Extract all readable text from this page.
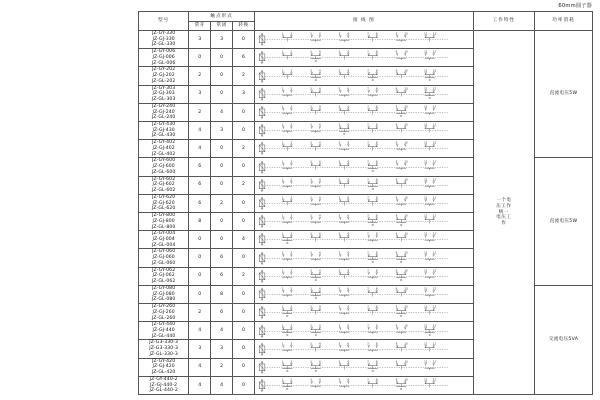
60mm圆子器
型号	触点形式			接 线 图	工作特性	功率消耗
	常开	常闭	转换			

JZ-GY-330
JZ-GJ-330
JZ-GL-330
	3	3	0	
1	2	3	4	5	6	7	8	9	10	11 12

一个电
压工作
统一
电压工
作
	直流电压5W

JZ-GY-006
JZ-GJ-006
JZ-GL-006
	0	0	6	
1	2	3	4	5	6	7	8	9	10	11 12

JZ-GY-202
JZ-GJ-202
JZ-GL-202
	2	0	2	
1	2	3	4	5	6	7	8	9	10	11 12

JZ-GY-303
JZ-GJ-303
JZ-GL-303
	3	0	3	
1	2	3	4	5	6	7	8	9	10	11 12

JZ-GY-240
JZ-GJ-240
JZ-GL-240
	2	4	0	
1	2	3	4	5	6	7	8	9	10	11 12

JZ-GY-430
JZ-GJ-430
JZ-GL-430
	4	3	0	
1	2	3	4	5	6	7	8	9	10	11 12

JZ-GY-402
JZ-GJ-402
JZ-GL-402
	4	0	2	
1	2	3	4	5	6	7	8	9	10	11 12

JZ-GY-600
JZ-GJ-600
JZ-GL-600
	6	0	0	
1	2	3	4	5	6	7	8	9	10	11 12
	直流电压5W

JZ-GY-602
JZ-GJ-602
JZ-GL-602
	6	0	2	
1	2	3	4	5	6	7	8	9	10	11 12

JZ-GY-620
JZ-GJ-620
JZ-GL-620
	6	2	0	
1	2	3	4	5	6	7	8	9	10	11 12

JZ-GY-800
JZ-GJ-800
JZ-GL-800
	8	0	0	
1	2	3	4	5	6	7	8	9	10	11 12

JZ-GY-004
JZ-GJ-004
JZ-GL-004
	0	0	4	
1	2	3	4	5	6	7	8	9	10	11 12

JZ-GY-060
JZ-GJ-060
JZ-GL-060
	0	6	0	
1	2	3	4	5	6	7	8	9	10	11 12

JZ-GY-062
JZ-GJ-062
JZ-GL-062
	0	6	2	
1	2	3	4	5	6	7	8	9	10	11 12

JZ-GY-080
JZ-GJ-080
JZ-GL-080
	0	8	0	
1	2	3	4	5	6	7	8	9	10	11 12
	交流电压5VA

JZ-GY-260
JZ-GJ-260
JZ-GL-260
	2	6	0	
1	2	3	4	5	6	7	8	9	10	11 12

JZ-GY-440
JZ-GJ-440
JZ-GL-440
	4	4	0	
1	2	3	4	5	6	7	8	9	10	11 12

JZ-G3-330-3
JZ-G3-330-3
JZ-GL-330-3
	3	3	0	
1	2	3	4	5	6	7	8	9	10	11 12

JZ-GY-420
JZ-GJ-420
JZ-GL-420
	4	2	0	
1	2	3	4	5	6	7	8	9	10	11 12

JZ-GY-440-2
JZ-GJ-440-2
JZ-GL-440-2
	4	4	0	
1	2	3	4	5	6	7	8	9	10	11 12
